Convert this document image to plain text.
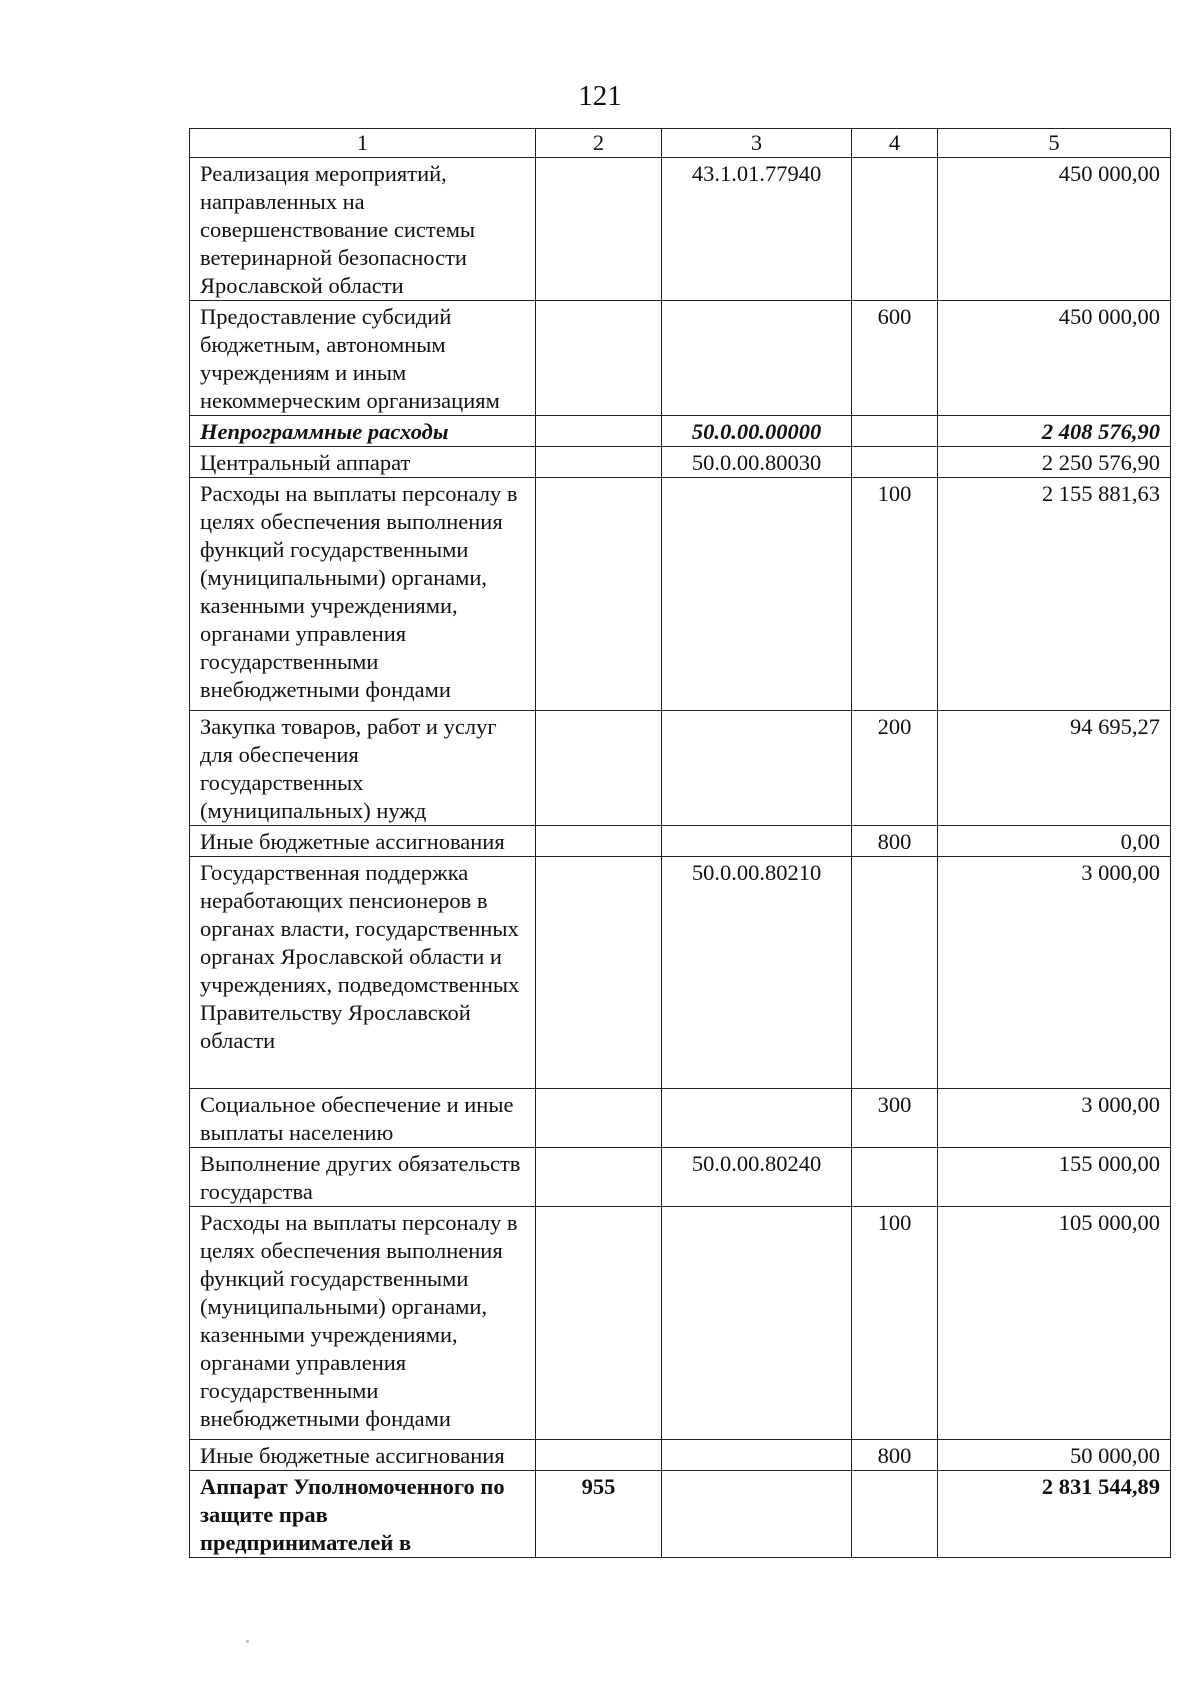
121
1	2	3	4	5
Реализация мероприятий, направленных на совершенствование системы ветеринарной безопасности Ярославской области		43.1.01.77940		450 000,00
Предоставление субсидий бюджетным, автономным учреждениям и иным некоммерческим организациям			600	450 000,00
Непрограммные расходы		50.0.00.00000		2 408 576,90
Центральный аппарат		50.0.00.80030		2 250 576,90
Расходы на выплаты персоналу в целях обеспечения выполнения функций государственными (муниципальными) органами, казенными учреждениями, органами управления государственными внебюджетными фондами			100	2 155 881,63
Закупка товаров, работ и услуг для обеспечения государственных (муниципальных) нужд			200	94 695,27
Иные бюджетные ассигнования			800	0,00
Государственная поддержка неработающих пенсионеров в органах власти, государственных органах Ярославской области и учреждениях, подведомственных Правительству Ярославской области		50.0.00.80210		3 000,00
Социальное обеспечение и иные выплаты населению			300	3 000,00
Выполнение других обязательств государства		50.0.00.80240		155 000,00
Расходы на выплаты персоналу в целях обеспечения выполнения функций государственными (муниципальными) органами, казенными учреждениями, органами управления государственными внебюджетными фондами			100	105 000,00
Иные бюджетные ассигнования			800	50 000,00
Аппарат Уполномоченного по защите прав предпринимателей в	955			2 831 544,89
